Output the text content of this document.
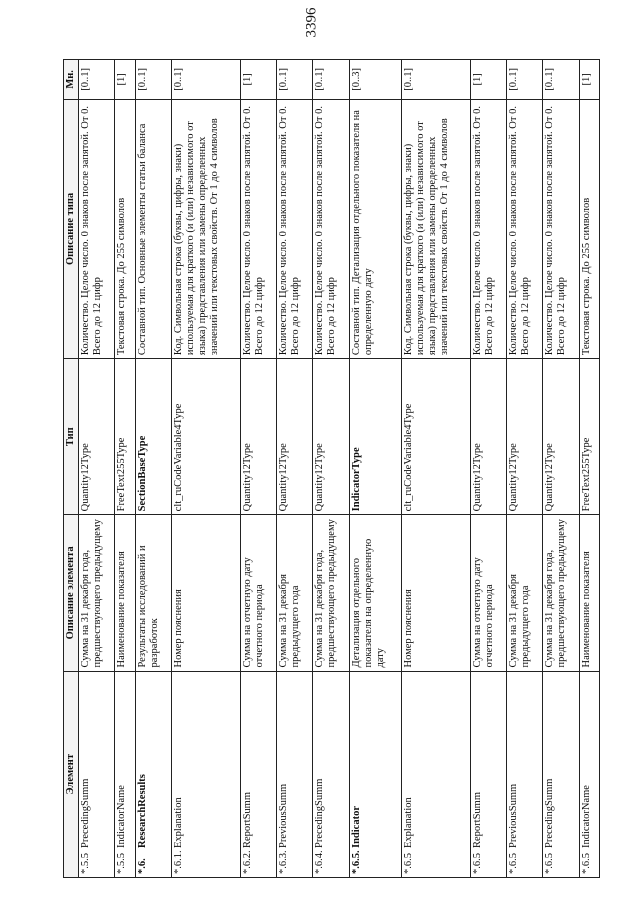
3396
Элемент	Описание элемента	Тип	Описание типа	Мн.
*.5.5PrecedingSumm	Сумма на 31 декабря года, предшествующего предыдущему	Quantity12Type	Количество. Целое число. 0 знаков после запятой. От 0. Всего до 12 цифр	[0..1]
*.5.5IndicatorName	Наименование показателя	FreeText255Type	Текстовая строка. До 255 символов	[1]
*.6.ResearchResults	Результаты исследований и разработок	SectionBaseType	Составной тип. Основные элементы статьи баланса	[0..1]
*.6.1.Explanation	Номер пояснения	clt_ruCodeVariable4Type	Код. Символьная строка (буквы, цифры, знаки) используемая для краткого (и (или) независимого от языка) представления или замены определенных значений или текстовых свойств. От 1 до 4 символов	[0..1]
*.6.2.ReportSumm	Сумма на отчетную дату отчетного периода	Quantity12Type	Количество. Целое число. 0 знаков после запятой. От 0. Всего до 12 цифр	[1]
*.6.3.PreviousSumm	Сумма на 31 декабря предыдущего года	Quantity12Type	Количество. Целое число. 0 знаков после запятой. От 0. Всего до 12 цифр	[0..1]
*.6.4.PrecedingSumm	Сумма на 31 декабря года, предшествующего предыдущему	Quantity12Type	Количество. Целое число. 0 знаков после запятой. От 0. Всего до 12 цифр	[0..1]
*.6.5.Indicator	Детализация отдельного показателя на определенную дату	IndicatorType	Составной тип. Детализация отдельного показателя на определенную дату	[0..3]
*.6.5Explanation	Номер пояснения	clt_ruCodeVariable4Type	Код. Символьная строка (буквы, цифры, знаки) используемая для краткого (и (или) независимого от языка) представления или замены определенных значений или текстовых свойств. От 1 до 4 символов	[0..1]
*.6.5ReportSumm	Сумма на отчетную дату отчетного периода	Quantity12Type	Количество. Целое число. 0 знаков после запятой. От 0. Всего до 12 цифр	[1]
*.6.5PreviousSumm	Сумма на 31 декабря предыдущего года	Quantity12Type	Количество. Целое число. 0 знаков после запятой. От 0. Всего до 12 цифр	[0..1]
*.6.5PrecedingSumm	Сумма на 31 декабря года, предшествующего предыдущему	Quantity12Type	Количество. Целое число. 0 знаков после запятой. От 0. Всего до 12 цифр	[0..1]
*.6.5IndicatorName	Наименование показателя	FreeText255Type	Текстовая строка. До 255 символов	[1]
